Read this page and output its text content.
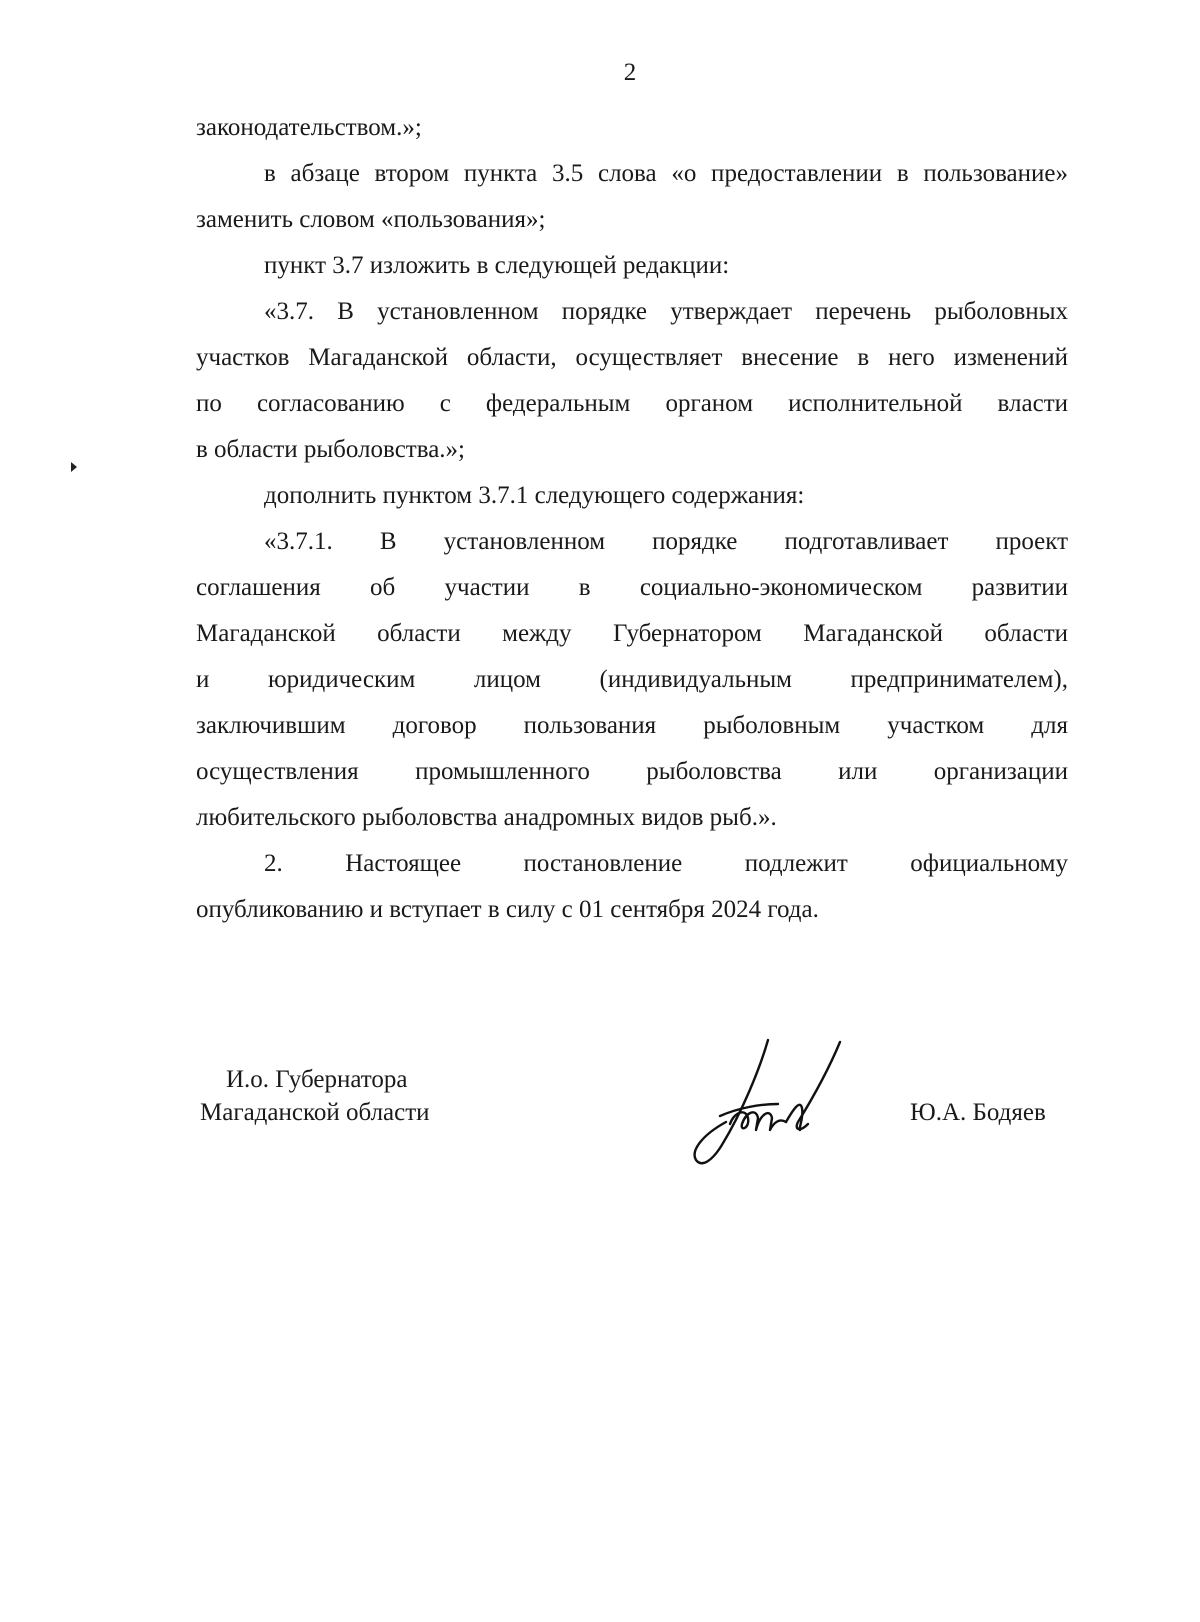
2

законодательством.»;

в абзаце втором пункта 3.5 слова «о предоставлении в пользование»

заменить словом «пользования»;

пункт 3.7 изложить в следующей редакции:

«3.7. В установленном порядке утверждает перечень рыболовных

участков Магаданской области, осуществляет внесение в него изменений

по согласованию с федеральным органом исполнительной власти

в области рыболовства.»;

дополнить пунктом 3.7.1 следующего содержания:

«3.7.1. В установленном порядке подготавливает проект

соглашения об участии в социально-экономическом развитии

Магаданской области между Губернатором Магаданской области

и юридическим лицом (индивидуальным предпринимателем),

заключившим договор пользования рыболовным участком для

осуществления промышленного рыболовства или организации

любительского рыболовства анадромных видов рыб.».

2. Настоящее постановление подлежит официальному

опубликованию и вступает в силу с 01 сентября 2024 года.

И.о. Губернатора
Магаданской области	Ю.А. Бодяев
